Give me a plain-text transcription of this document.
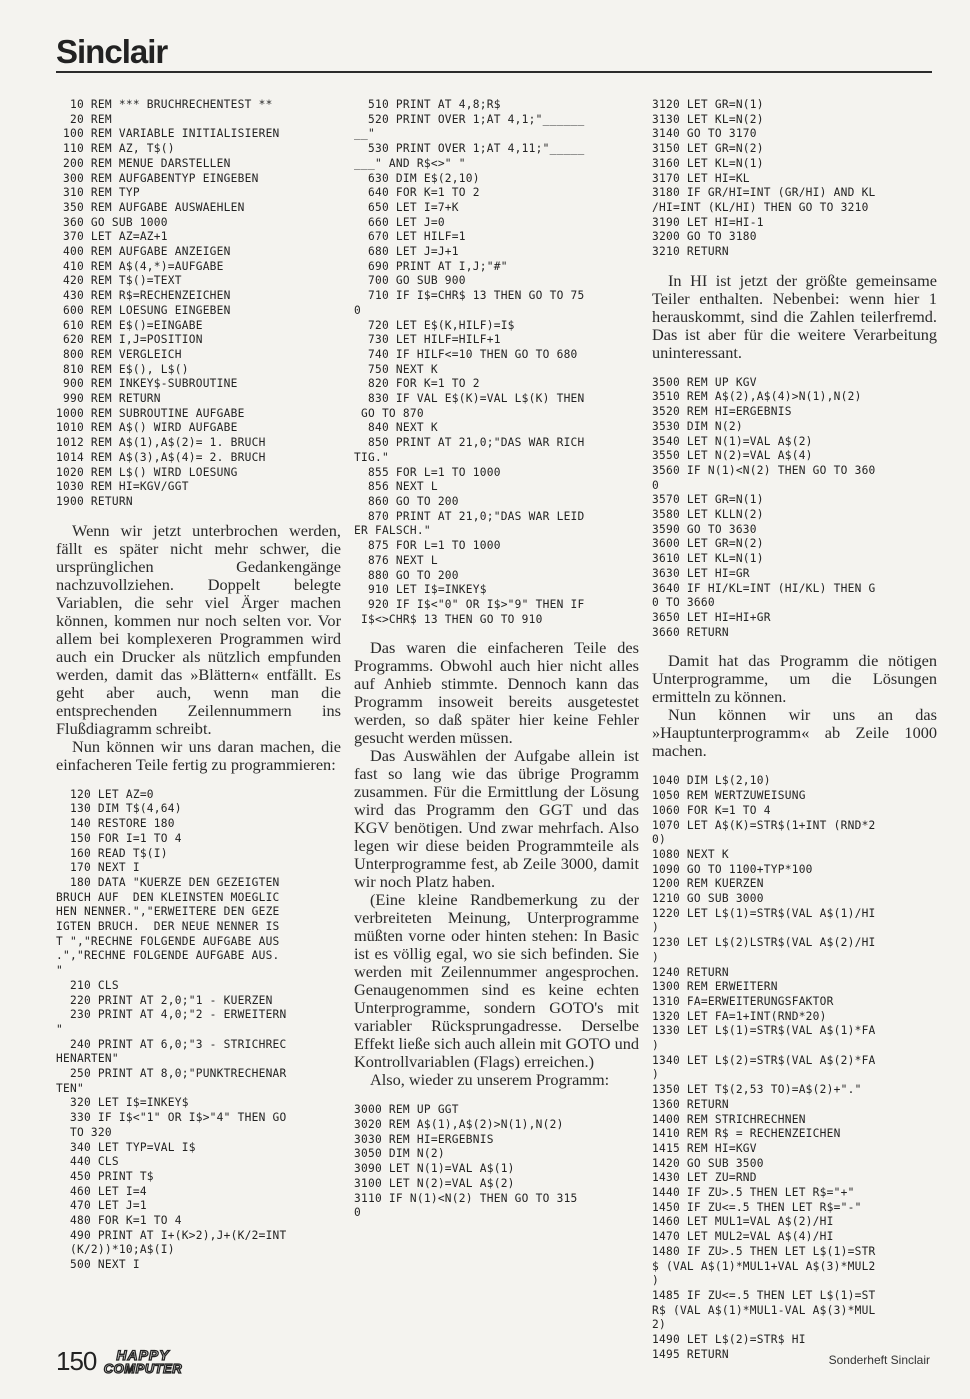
Sinclair
10 REM *** BRUCHRECHENTEST **
20 REM
100 REM VARIABLE INITIALISIEREN
110 REM AZ, T$()
200 REM MENUE DARSTELLEN
300 REM AUFGABENTYP EINGEBEN
310 REM TYP
350 REM AUFGABE AUSWAEHLEN
360 GO SUB 1000
370 LET AZ=AZ+1
400 REM AUFGABE ANZEIGEN
410 REM A$(4,*)=AUFGABE
420 REM T$()=TEXT
430 REM R$=RECHENZEICHEN
600 REM LOESUNG EINGEBEN
610 REM E$()=EINGABE
620 REM I,J=POSITION
800 REM VERGLEICH
810 REM E$(), L$()
900 REM INKEY$-SUBROUTINE
990 REM RETURN
1000 REM SUBROUTINE AUFGABE
1010 REM A$() WIRD AUFGABE
1012 REM A$(1),A$(2)= 1. BRUCH
1014 REM A$(3),A$(4)= 2. BRUCH
1020 REM L$() WIRD LOESUNG
1030 REM HI=KGV/GGT
1900 RETURN

Wenn wir jetzt unterbrochen werden, fällt es später nicht mehr schwer, die ursprünglichen Gedankengänge nachzuvollziehen. Doppelt belegte Variablen, die sehr viel Ärger machen können, kommen nur noch selten vor. Vor allem bei komplexeren Programmen wird auch ein Drucker als nützlich empfunden werden, damit das »Blättern« entfällt. Es geht aber auch, wenn man die entsprechenden Zeilennummern ins Flußdiagramm schreibt.

Nun können wir uns daran machen, die einfacheren Teile fertig zu programmieren:

120 LET AZ=0
130 DIM T$(4,64)
140 RESTORE 180
150 FOR I=1 TO 4
160 READ T$(I)
170 NEXT I
180 DATA "KUERZE DEN GEZEIGTEN
BRUCH AUF  DEN KLEINSTEN MOEGLIC
HEN NENNER.","ERWEITERE DEN GEZE
IGTEN BRUCH.  DER NEUE NENNER IS
T ","RECHNE FOLGENDE AUFGABE AUS
.","RECHNE FOLGENDE AUFGABE AUS.
"
210 CLS
220 PRINT AT 2,0;"1 - KUERZEN
230 PRINT AT 4,0;"2 - ERWEITERN
"
240 PRINT AT 6,0;"3 - STRICHREC
HENARTEN"
250 PRINT AT 8,0;"PUNKTRECHENAR
TEN"
320 LET I$=INKEY$
330 IF I$<"1" OR I$>"4" THEN GO
TO 320
340 LET TYP=VAL I$
440 CLS
450 PRINT T$
460 LET I=4
470 LET J=1
480 FOR K=1 TO 4
490 PRINT AT I+(K>2),J+(K/2=INT
(K/2))*10;A$(I)
500 NEXT I
510 PRINT AT 4,8;R$
520 PRINT OVER 1;AT 4,1;"______
__"
530 PRINT OVER 1;AT 4,11;"_____
___" AND R$<>" "
630 DIM E$(2,10)
640 FOR K=1 TO 2
650 LET I=7+K
660 LET J=0
670 LET HILF=1
680 LET J=J+1
690 PRINT AT I,J;"#"
700 GO SUB 900
710 IF I$=CHR$ 13 THEN GO TO 75
0
720 LET E$(K,HILF)=I$
730 LET HILF=HILF+1
740 IF HILF<=10 THEN GO TO 680
750 NEXT K
820 FOR K=1 TO 2
830 IF VAL E$(K)=VAL L$(K) THEN
GO TO 870
840 NEXT K
850 PRINT AT 21,0;"DAS WAR RICH
TIG."
855 FOR L=1 TO 1000
856 NEXT L
860 GO TO 200
870 PRINT AT 21,0;"DAS WAR LEID
ER FALSCH."
875 FOR L=1 TO 1000
876 NEXT L
880 GO TO 200
910 LET I$=INKEY$
920 IF I$<"0" OR I$>"9" THEN IF
I$<>CHR$ 13 THEN GO TO 910

Das waren die einfacheren Teile des Programms. Obwohl auch hier nicht alles auf Anhieb stimmte. Dennoch kann das Programm insoweit bereits ausgetestet werden, so daß später hier keine Fehler gesucht werden müssen.

Das Auswählen der Aufgabe allein ist fast so lang wie das übrige Programm zusammen. Für die Ermittlung der Lösung wird das Programm den GGT und das KGV benötigen. Und zwar mehrfach. Also legen wir diese beiden Programmteile als Unterprogramme fest, ab Zeile 3000, damit wir noch Platz haben.

(Eine kleine Randbemerkung zu der verbreiteten Meinung, Unterprogramme müßten vorne oder hinten stehen: In Basic ist es völlig egal, wo sie sich befinden. Sie werden mit Zeilennummer angesprochen. Genaugenommen sind es keine echten Unterprogramme, sondern GOTO's mit variabler Rücksprungadresse. Derselbe Effekt ließe sich auch allein mit GOTO und Kontrollvariablen (Flags) erreichen.)

Also, wieder zu unserem Programm:

3000 REM UP GGT
3020 REM A$(1),A$(2)>N(1),N(2)
3030 REM HI=ERGEBNIS
3050 DIM N(2)
3090 LET N(1)=VAL A$(1)
3100 LET N(2)=VAL A$(2)
3110 IF N(1)<N(2) THEN GO TO 315
0
3120 LET GR=N(1)
3130 LET KL=N(2)
3140 GO TO 3170
3150 LET GR=N(2)
3160 LET KL=N(1)
3170 LET HI=KL
3180 IF GR/HI=INT (GR/HI) AND KL
/HI=INT (KL/HI) THEN GO TO 3210
3190 LET HI=HI-1
3200 GO TO 3180
3210 RETURN

In HI ist jetzt der größte gemeinsame Teiler enthalten. Nebenbei: wenn hier 1 herauskommt, sind die Zahlen teilerfremd. Das ist aber für die weitere Verarbeitung uninteressant.

3500 REM UP KGV
3510 REM A$(2),A$(4)>N(1),N(2)
3520 REM HI=ERGEBNIS
3530 DIM N(2)
3540 LET N(1)=VAL A$(2)
3550 LET N(2)=VAL A$(4)
3560 IF N(1)<N(2) THEN GO TO 360
0
3570 LET GR=N(1)
3580 LET KLLN(2)
3590 GO TO 3630
3600 LET GR=N(2)
3610 LET KL=N(1)
3630 LET HI=GR
3640 IF HI/KL=INT (HI/KL) THEN G
0 TO 3660
3650 LET HI=HI+GR
3660 RETURN

Damit hat das Programm die nötigen Unterprogramme, um die Lösungen ermitteln zu können.

Nun können wir uns an das »Hauptunterprogramm« ab Zeile 1000 machen.

1040 DIM L$(2,10)
1050 REM WERTZUWEISUNG
1060 FOR K=1 TO 4
1070 LET A$(K)=STR$(1+INT (RND*2
0)
1080 NEXT K
1090 GO TO 1100+TYP*100
1200 REM KUERZEN
1210 GO SUB 3000
1220 LET L$(1)=STR$(VAL A$(1)/HI
)
1230 LET L$(2)LSTR$(VAL A$(2)/HI
)
1240 RETURN
1300 REM ERWEITERN
1310 FA=ERWEITERUNGSFAKTOR
1320 LET FA=1+INT(RND*20)
1330 LET L$(1)=STR$(VAL A$(1)*FA
)
1340 LET L$(2)=STR$(VAL A$(2)*FA
)
1350 LET T$(2,53 TO)=A$(2)+"."
1360 RETURN
1400 REM STRICHRECHNEN
1410 REM R$ = RECHENZEICHEN
1415 REM HI=KGV
1420 GO SUB 3500
1430 LET ZU=RND
1440 IF ZU>.5 THEN LET R$="+"
1450 IF ZU<=.5 THEN LET R$="-"
1460 LET MUL1=VAL A$(2)/HI
1470 LET MUL2=VAL A$(4)/HI
1480 IF ZU>.5 THEN LET L$(1)=STR
$ (VAL A$(1)*MUL1+VAL A$(3)*MUL2
)
1485 IF ZU<=.5 THEN LET L$(1)=ST
R$ (VAL A$(1)*MUL1-VAL A$(3)*MUL
2)
1490 LET L$(2)=STR$ HI
1495 RETURN
150	HAPPY
COMPUTER
Sonderheft Sinclair
